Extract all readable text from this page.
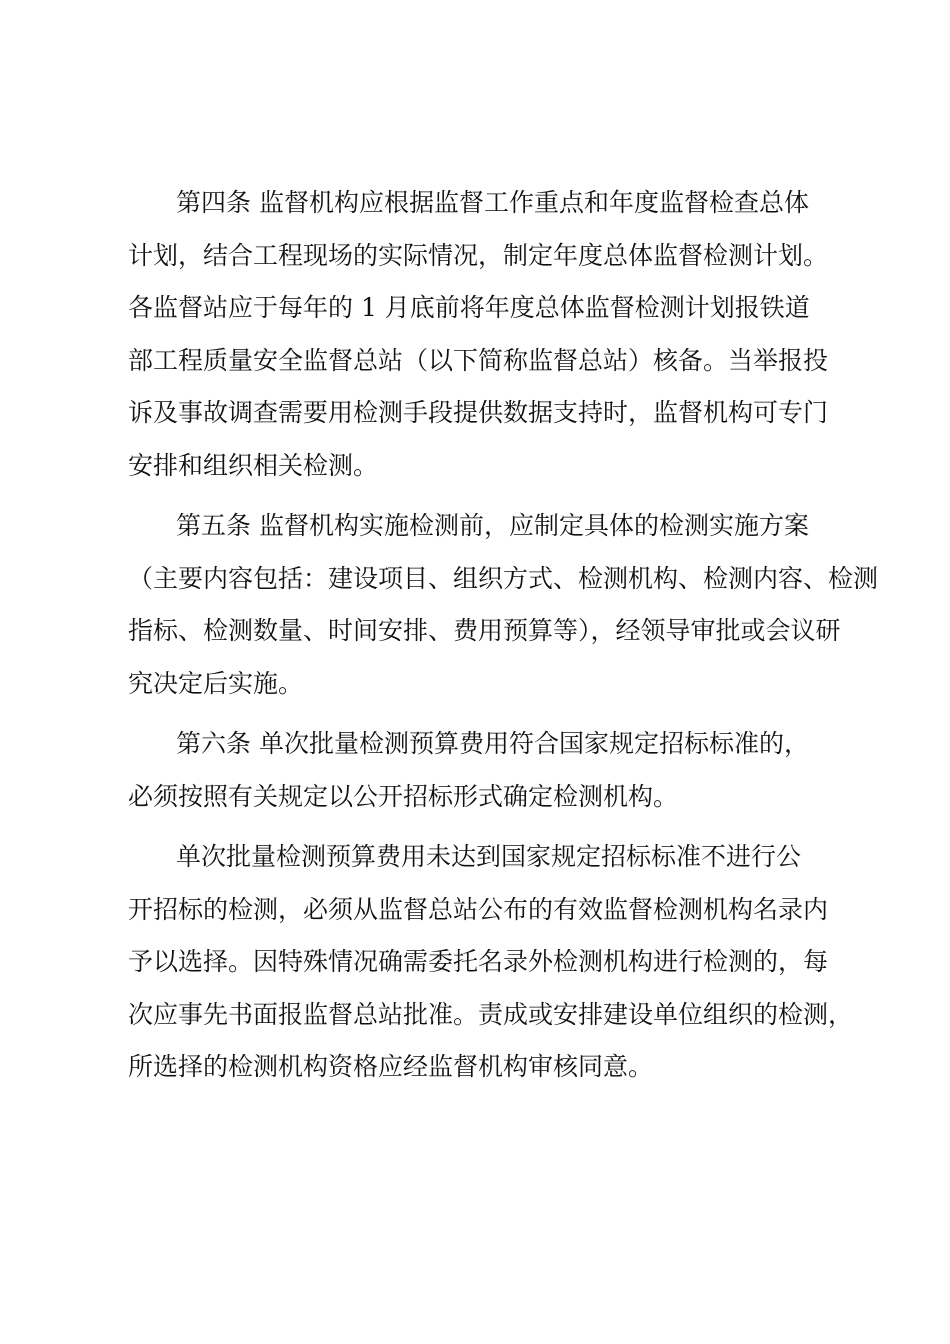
第四条 监督机构应根据监督工作重点和年度监督检查总体
计划，结合工程现场的实际情况，制定年度总体监督检测计划。
各监督站应于每年的 1 月底前将年度总体监督检测计划报铁道
部工程质量安全监督总站（以下简称监督总站）核备。当举报投
诉及事故调查需要用检测手段提供数据支持时，监督机构可专门
安排和组织相关检测。
第五条 监督机构实施检测前，应制定具体的检测实施方案
（主要内容包括：建设项目、组织方式、检测机构、检测内容、检测
指标、检测数量、时间安排、费用预算等），经领导审批或会议研
究决定后实施。
第六条 单次批量检测预算费用符合国家规定招标标准的，
必须按照有关规定以公开招标形式确定检测机构。
单次批量检测预算费用未达到国家规定招标标准不进行公
开招标的检测，必须从监督总站公布的有效监督检测机构名录内
予以选择。因特殊情况确需委托名录外检测机构进行检测的，每
次应事先书面报监督总站批准。责成或安排建设单位组织的检测，
所选择的检测机构资格应经监督机构审核同意。
